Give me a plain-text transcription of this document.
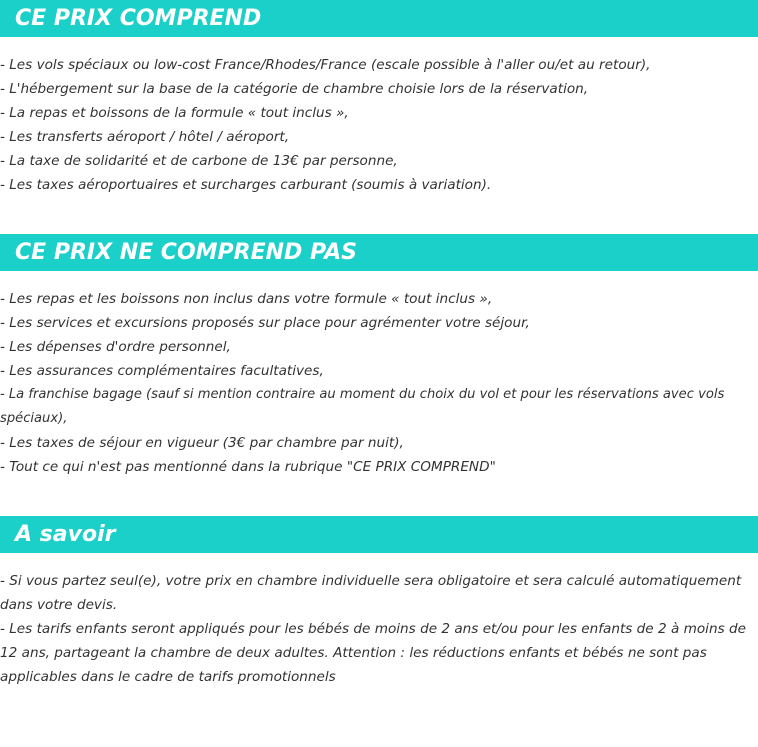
CE PRIX COMPREND
- Les vols spéciaux ou low-cost France/Rhodes/France (escale possible à l'aller ou/et au retour),
- L'hébergement sur la base de la catégorie de chambre choisie lors de la réservation,
- La repas et boissons de la formule « tout inclus »,
- Les transferts aéroport / hôtel / aéroport,
- La taxe de solidarité et de carbone de 13€ par personne,
- Les taxes aéroportuaires et surcharges carburant (soumis à variation).
CE PRIX NE COMPREND PAS
- Les repas et les boissons non inclus dans votre formule « tout inclus »,
- Les services et excursions proposés sur place pour agrémenter votre séjour,
- Les dépenses d'ordre personnel,
- Les assurances complémentaires facultatives,
- La franchise bagage (sauf si mention contraire au moment du choix du vol et pour les réservations avec vols spéciaux),
- Les taxes de séjour en vigueur (3€ par chambre par nuit),
- Tout ce qui n'est pas mentionné dans la rubrique "CE PRIX COMPREND"
A savoir
- Si vous partez seul(e), votre prix en chambre individuelle sera obligatoire et sera calculé automatiquement dans votre devis.
- Les tarifs enfants seront appliqués pour les bébés de moins de 2 ans et/ou pour les enfants de 2 à moins de 12 ans, partageant la chambre de deux adultes. Attention : les réductions enfants et bébés ne sont pas applicables dans le cadre de tarifs promotionnels
